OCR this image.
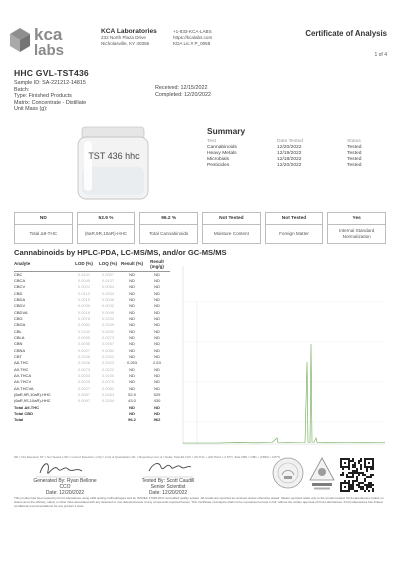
kca
labs
KCA Laboratories
232 North Plaza Drive
Nicholasville, KY 40356
+1-833-KCA-LABS
https://kcalabs.com
KDA Lic.# P_0058
Certificate of Analysis
1 of 4
HHC GVL-TST436
Sample ID: SA-221212-14815
Batch:
Type: Finished Products
Matrix: Concentrate - Distillate
Unit Mass (g):
Received: 12/15/2022
Completed: 12/20/2022
TST 436 hhc
Summary
Test	Date Tested	Status
Cannabinoids	12/20/2022	Tested
Heavy Metals	12/19/2022	Tested
Microbials	12/18/2022	Tested
Pesticides	12/20/2022	Tested
ND
Total Δ9-THC
52.9 %
(6aR,9R,10aR)-HHC
96.2 %
Total Cannabinoids
Not Tested
Moisture Content
Not Tested
Foreign Matter
Yes
Internal Standard Normalization
Cannabinoids by HPLC-PDA, LC-MS/MS, and/or GC-MS/MS
Analyte	LOD (%)	LOQ (%)	Result (%)	Result (mg/g)
CBC	0.0131	0.0397	ND	ND
CBCA	0.0045	0.0137	ND	ND
CBCV	0.0021	0.0064	ND	ND
CBD	0.0110	0.0334	ND	ND
CBDA	0.0015	0.0046	ND	ND
CBDV	0.0030	0.0092	ND	ND
CBDVA	0.0016	0.0049	ND	ND
CBG	0.0076	0.0232	ND	ND
CBGA	0.0082	0.0249	ND	ND
CBL	0.0142	0.0432	ND	ND
CBLA	0.0090	0.0273	ND	ND
CBN	0.0055	0.0167	ND	ND
CBNA	0.0027	0.0082	ND	ND
CBT	0.0106	0.0322	ND	ND
Δ8-THC	0.0106	0.0323	0.263	2.63
Δ9-THC	0.0073	0.0222	ND	ND
Δ9-THCA	0.0033	0.0100	ND	ND
Δ9-THCV	0.0025	0.0075	ND	ND
Δ9-THCVA	0.0027	0.0082	ND	ND
(6aR,9R,10aR)-HHC	0.0087	0.0264	52.9	529
(6aR,9S,10aR)-HHC	0.0087	0.0264	43.0	430
Total Δ9-THC			ND	ND
Total CBD			ND	ND
Total			96.2	962
ND = Not Detected; NT = Not Tested; LOD = Limit of Detection; LOQ = Limit of Quantitation; RL = Reporting Limit; Δ = Delta; Total Δ9-THC = Δ9-THC + (Δ9-THCA × 0.877); Total CBD = CBD + (CBDA × 0.877)
Generated By: Ryan Bellone
CCO
Date: 12/20/2022
Tested By: Scott Caudill
Senior Scientist
Date: 12/20/2022
This product has been tested by KCA Laboratories using valid testing methodologies and an ISO/IEC 17025:2017 accredited quality system. All results are reported as received unless otherwise stated. Values reported relate only to the product tested. KCA Laboratories makes no claims as to the efficacy, safety or other risks associated with any detected or non-detected levels of any compounds reported herein. This Certificate of Analysis shall not be reproduced except in full, without the written approval of KCA Laboratories. KCA Laboratories has limited, conditional recommendations for any product it tests.
